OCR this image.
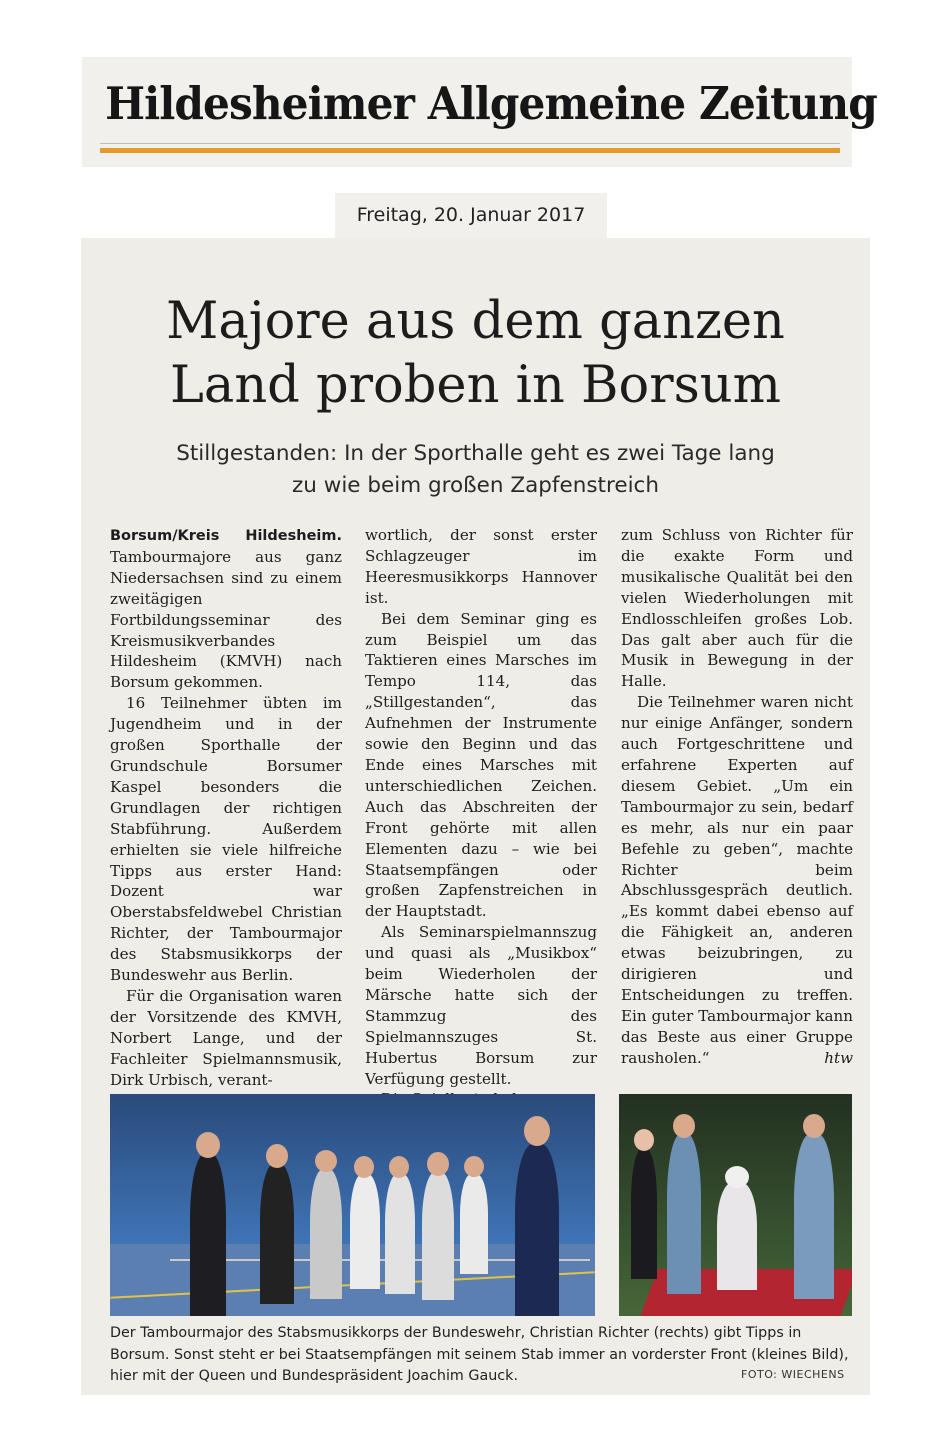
Hildesheimer Allgemeine Zeitung
Freitag, 20. Januar 2017
Majore aus dem ganzen
Land proben in Borsum
Stillgestanden: In der Sporthalle geht es zwei Tage lang
zu wie beim großen Zapfenstreich

Borsum/Kreis Hildesheim. Tambourmajore aus ganz Niedersachsen sind zu einem zweitägigen Fortbildungsseminar des Kreismusikverbandes Hildesheim (KMVH) nach Borsum gekommen.

16 Teilnehmer übten im Jugendheim und in der großen Sporthalle der Grundschule Borsumer Kaspel besonders die Grundlagen der richtigen Stabführung. Außerdem erhielten sie viele hilfreiche Tipps aus erster Hand: Dozent war Oberstabsfeldwebel Christian Richter, der Tambourmajor des Stabsmusikkorps der Bundeswehr aus Berlin.

Für die Organisation waren der Vorsitzende des KMVH, Norbert Lange, und der Fachleiter Spielmannsmusik, Dirk Urbisch, verant-

wortlich, der sonst erster Schlagzeuger im Heeresmusikkorps Hannover ist.

Bei dem Seminar ging es zum Beispiel um das Taktieren eines Marsches im Tempo 114, das „Stillgestanden“, das Aufnehmen der Instrumente sowie den Beginn und das Ende eines Marsches mit unterschiedlichen Zeichen. Auch das Abschreiten der Front gehörte mit allen Elementen dazu – wie bei Staatsempfängen oder großen Zapfenstreichen in der Hauptstadt.

Als Seminarspielmannszug und quasi als „Musikbox“ beim Wiederholen der Märsche hatte sich der Stammzug des Spielmannszuges St. Hubertus Borsum zur Verfügung gestellt.

zum Schluss von Richter für die exakte Form und musikalische Qualität bei den vielen Wiederholungen mit Endlosschleifen großes Lob. Das galt aber auch für die Musik in Bewegung in der Halle.

Die Teilnehmer waren nicht nur einige Anfänger, sondern auch Fortgeschrittene und erfahrene Experten auf diesem Gebiet. „Um ein Tambourmajor zu sein, bedarf es mehr, als nur ein paar Befehle zu geben“, machte Richter beim Abschlussgespräch deutlich. „Es kommt dabei ebenso auf die Fähigkeit an, anderen etwas beizubringen, zu dirigieren und Entscheidungen zu treffen. Ein guter Tambourmajor kann das Beste aus einer Gruppe rausholen.“	htw

Der Tambourmajor des Stabsmusikkorps der Bundeswehr, Christian Richter (rechts) gibt Tipps in Borsum. Sonst steht er bei Staatsempfängen mit seinem Stab immer an vorderster Front (kleines Bild), hier mit der Queen und Bundespräsident Joachim Gauck.	FOTO: WIECHENS
